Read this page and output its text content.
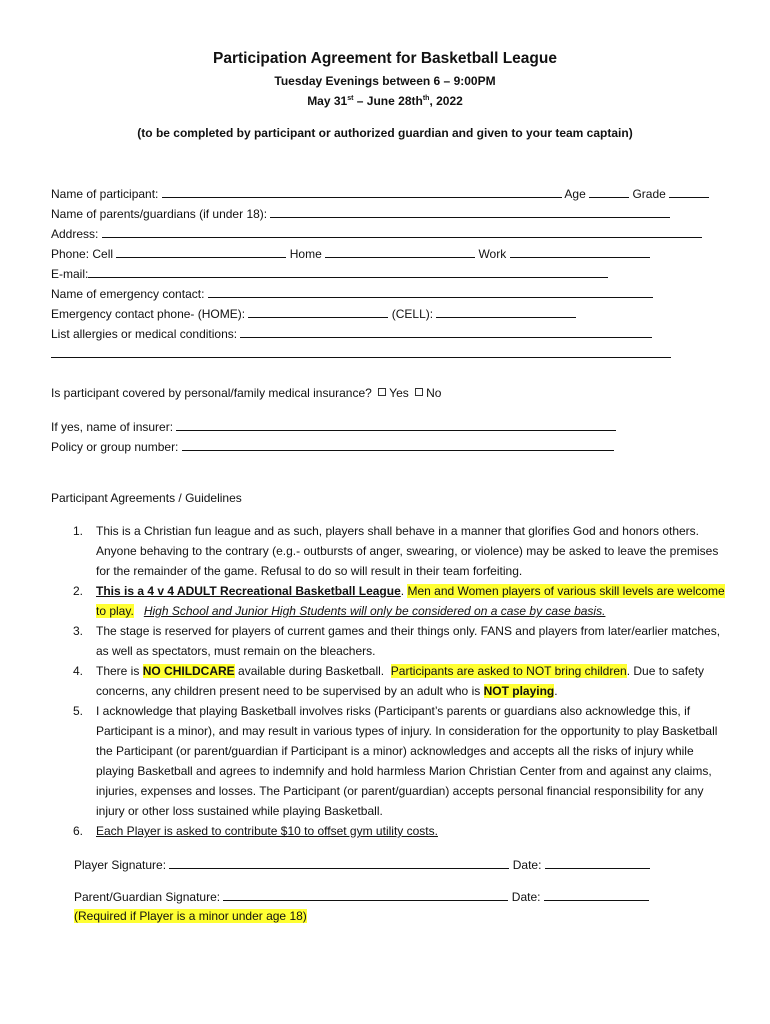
Participation Agreement for Basketball League
Tuesday Evenings between 6 – 9:00PM
May 31st – June $28th^{th}$, 2022
(to be completed by participant or authorized guardian and given to your team captain)
Name of participant:	Age	Grade
Name of parents/guardians (if under 18):
Address:
Phone: Cell	Home	Work
E-mail:
Name of emergency contact:
Emergency contact phone- (HOME):	(CELL):
List allergies or medical conditions:
Is participant covered by personal/family medical insurance? Yes No
If yes, name of insurer:
Policy or group number:
Participant Agreements / Guidelines
1. This is a Christian fun league and as such, players shall behave in a manner that glorifies God and honors others. Anyone behaving to the contrary (e.g.- outbursts of anger, swearing, or violence) may be asked to leave the premises for the remainder of the game. Refusal to do so will result in their team forfeiting.
2. This is a 4 v 4 ADULT Recreational Basketball League. Men and Women players of various skill levels are welcome to play. High School and Junior High Students will only be considered on a case by case basis.
3. The stage is reserved for players of current games and their things only. FANS and players from later/earlier matches, as well as spectators, must remain on the bleachers.
4. There is NO CHILDCARE available during Basketball.  Participants are asked to NOT bring children. Due to safety concerns, any children present need to be supervised by an adult who is NOT playing.
5. I acknowledge that playing Basketball involves risks (Participant’s parents or guardians also acknowledge this, if Participant is a minor), and may result in various types of injury. In consideration for the opportunity to play Basketball the Participant (or parent/guardian if Participant is a minor) acknowledges and accepts all the risks of injury while playing Basketball and agrees to indemnify and hold harmless Marion Christian Center from and against any claims, injuries, expenses and losses. The Participant (or parent/guardian) accepts personal financial responsibility for any injury or other loss sustained while playing Basketball.
6. Each Player is asked to contribute $10 to offset gym utility costs.
Player Signature:	Date:
Parent/Guardian Signature:	Date:
(Required if Player is a minor under age 18)
